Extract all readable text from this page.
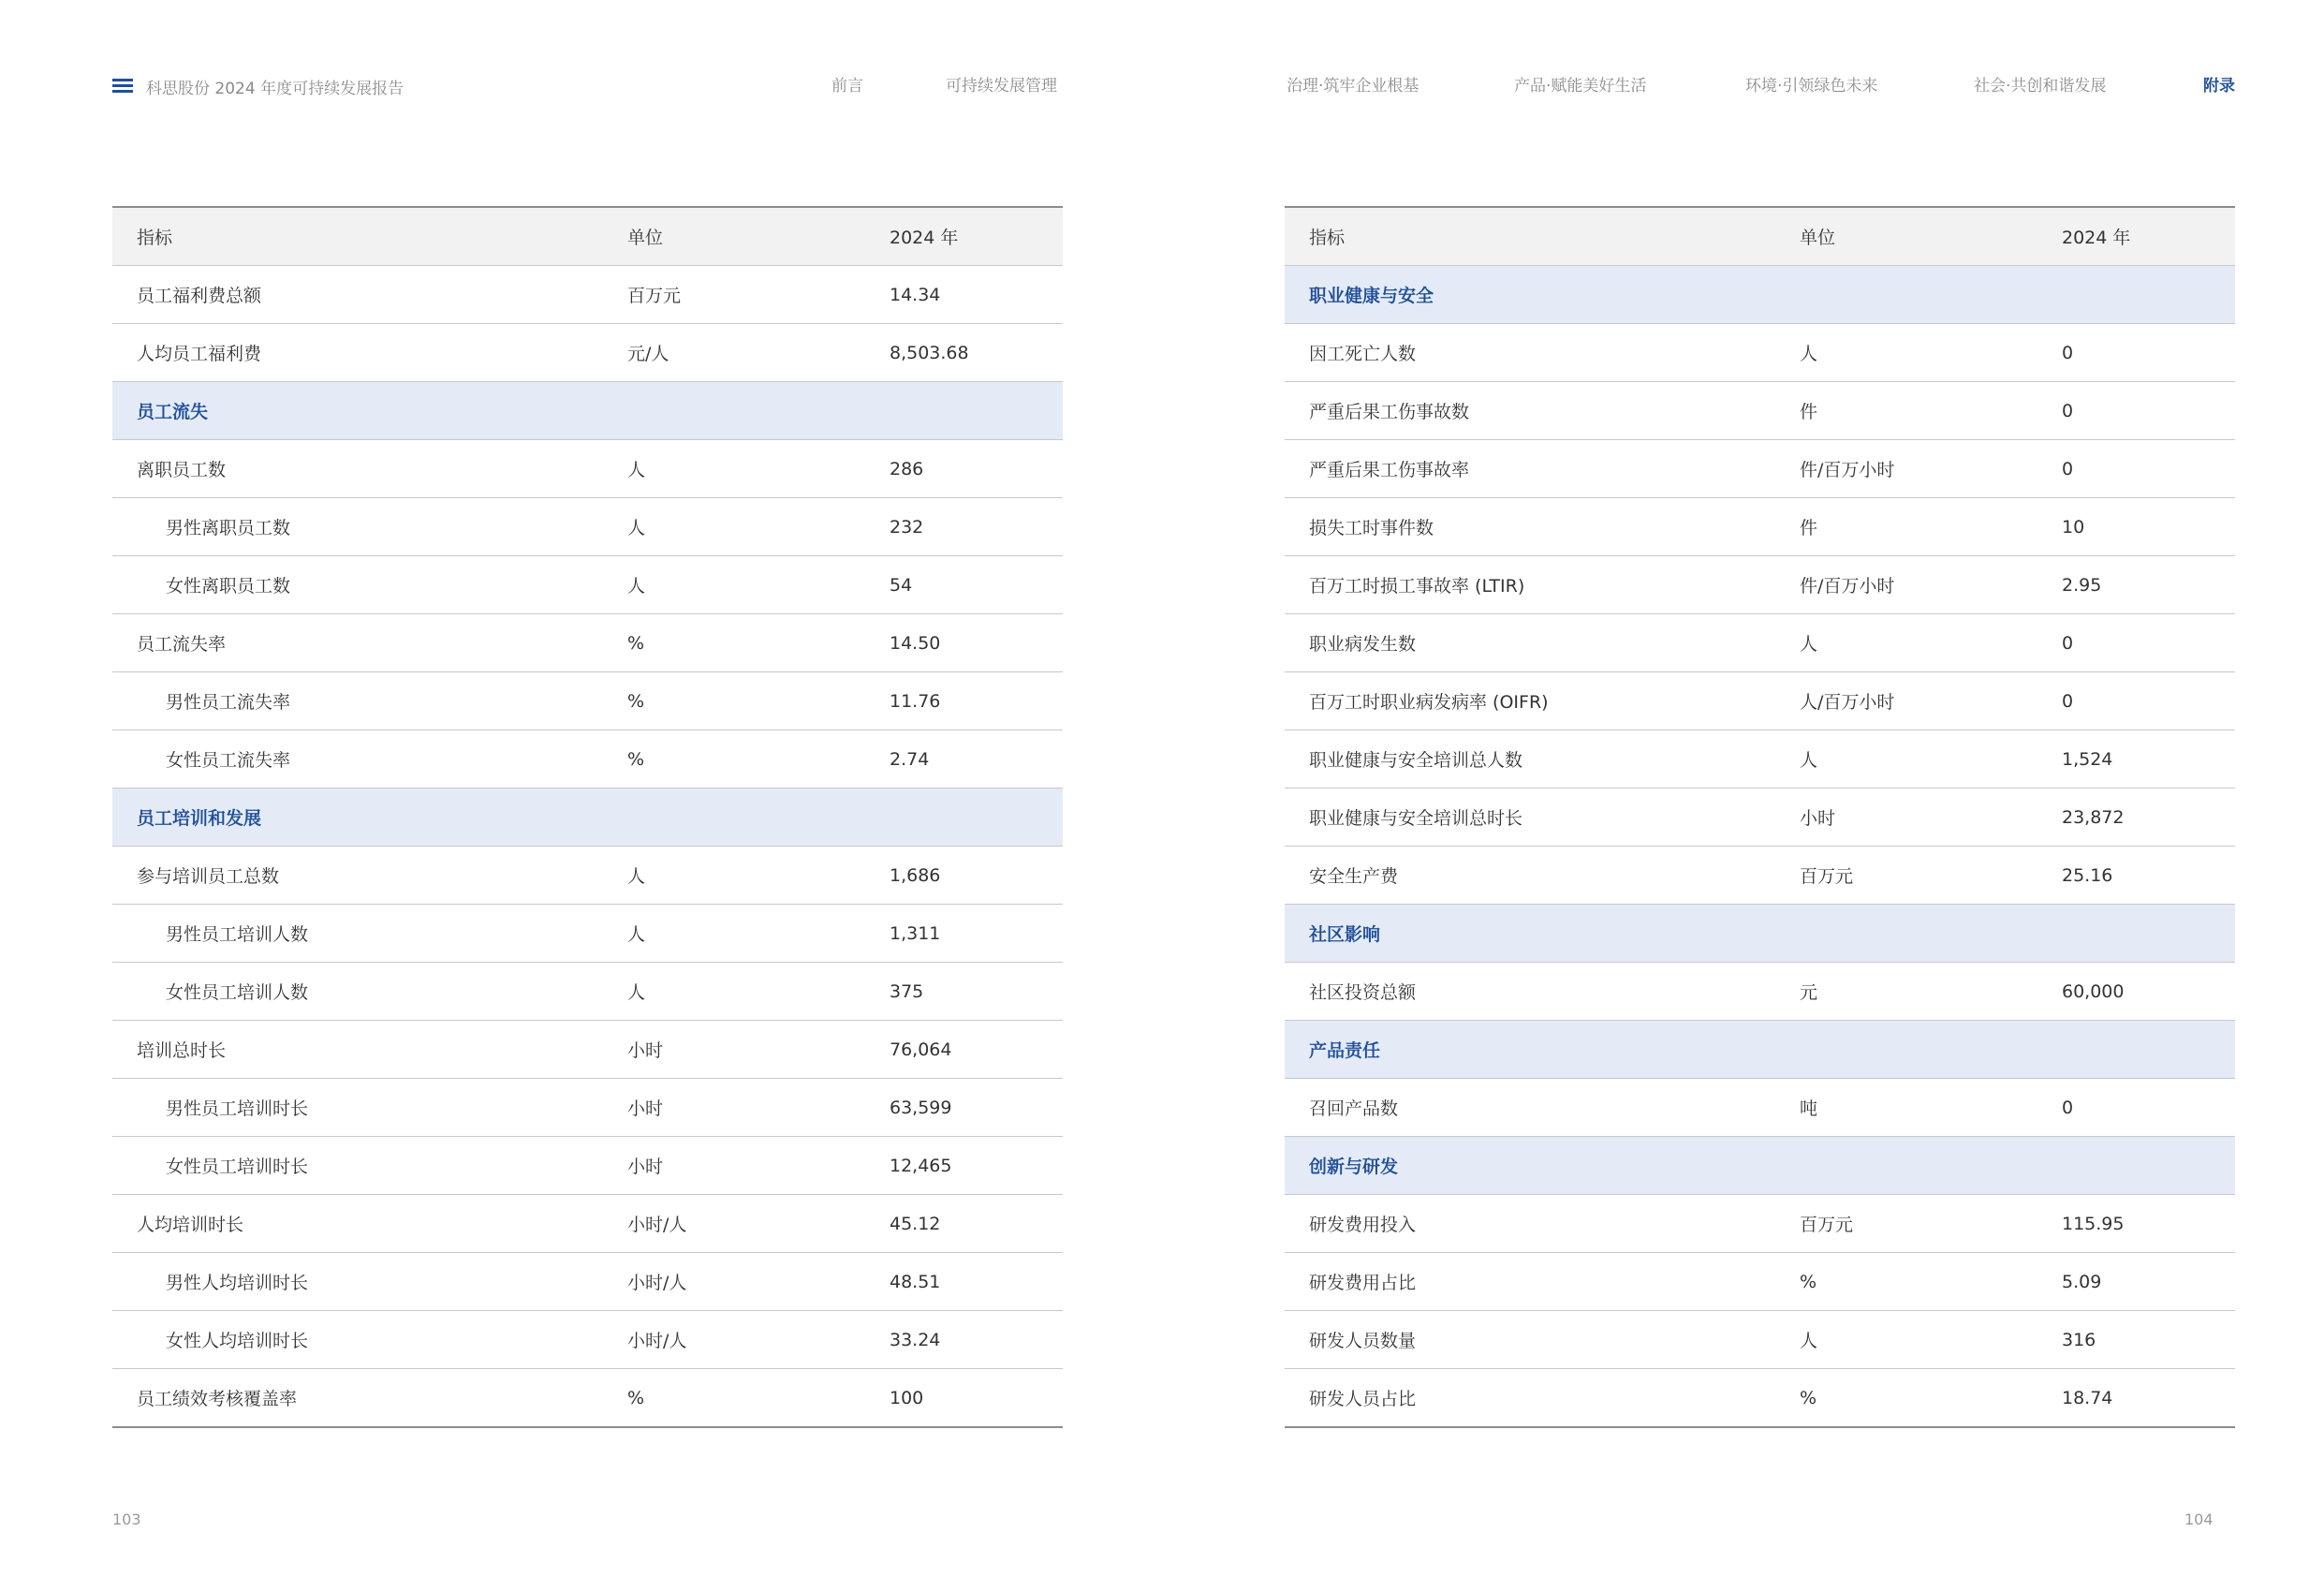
科思股份 2024 年度可持续发展报告	前言	可持续发展管理	治理·筑牢企业根基	产品·赋能美好生活	环境·引领绿色未来	社会·共创和谐发展	附录
指标	单位	2024 年
员工福利费总额	百万元	14.34
人均员工福利费	元/人	8,503.68
员工流失		
离职员工数	人	286
男性离职员工数	人	232
女性离职员工数	人	54
员工流失率	%	14.50
男性员工流失率	%	11.76
女性员工流失率	%	2.74
员工培训和发展		
参与培训员工总数	人	1,686
男性员工培训人数	人	1,311
女性员工培训人数	人	375
培训总时长	小时	76,064
男性员工培训时长	小时	63,599
女性员工培训时长	小时	12,465
人均培训时长	小时/人	45.12
男性人均培训时长	小时/人	48.51
女性人均培训时长	小时/人	33.24
员工绩效考核覆盖率	%	100
指标	单位	2024 年
职业健康与安全		
因工死亡人数	人	0
严重后果工伤事故数	件	0
严重后果工伤事故率	件/百万小时	0
损失工时事件数	件	10
百万工时损工事故率 (LTIR)	件/百万小时	2.95
职业病发生数	人	0
百万工时职业病发病率 (OIFR)	人/百万小时	0
职业健康与安全培训总人数	人	1,524
职业健康与安全培训总时长	小时	23,872
安全生产费	百万元	25.16
社区影响		
社区投资总额	元	60,000
产品责任		
召回产品数	吨	0
创新与研发		
研发费用投入	百万元	115.95
研发费用占比	%	5.09
研发人员数量	人	316
研发人员占比	%	18.74
103	104
